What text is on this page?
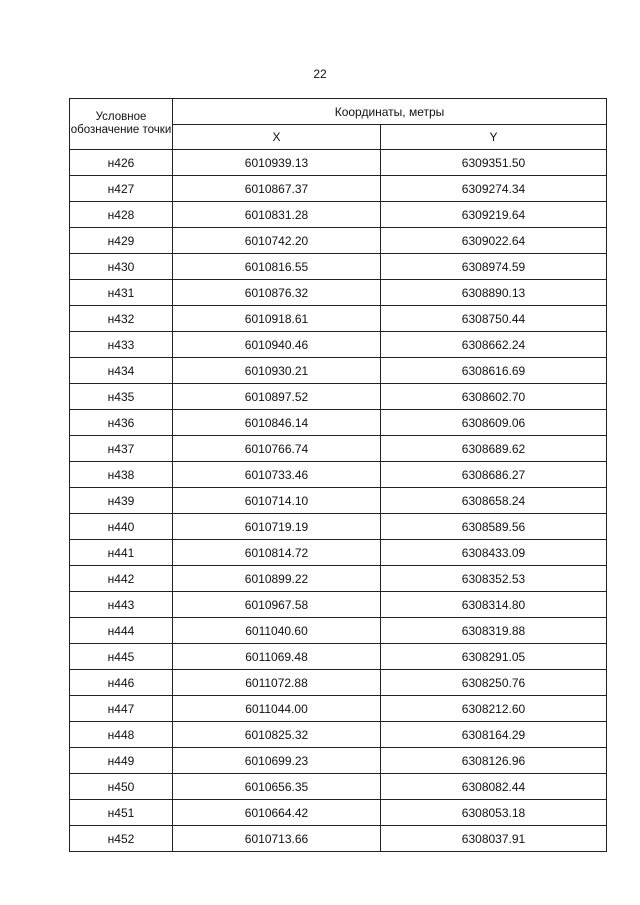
22
Условное обозначение точки	Координаты, метры	
	X	Y
н426	6010939.13	6309351.50
н427	6010867.37	6309274.34
н428	6010831.28	6309219.64
н429	6010742.20	6309022.64
н430	6010816.55	6308974.59
н431	6010876.32	6308890.13
н432	6010918.61	6308750.44
н433	6010940.46	6308662.24
н434	6010930.21	6308616.69
н435	6010897.52	6308602.70
н436	6010846.14	6308609.06
н437	6010766.74	6308689.62
н438	6010733.46	6308686.27
н439	6010714.10	6308658.24
н440	6010719.19	6308589.56
н441	6010814.72	6308433.09
н442	6010899.22	6308352.53
н443	6010967.58	6308314.80
н444	6011040.60	6308319.88
н445	6011069.48	6308291.05
н446	6011072.88	6308250.76
н447	6011044.00	6308212.60
н448	6010825.32	6308164.29
н449	6010699.23	6308126.96
н450	6010656.35	6308082.44
н451	6010664.42	6308053.18
н452	6010713.66	6308037.91
